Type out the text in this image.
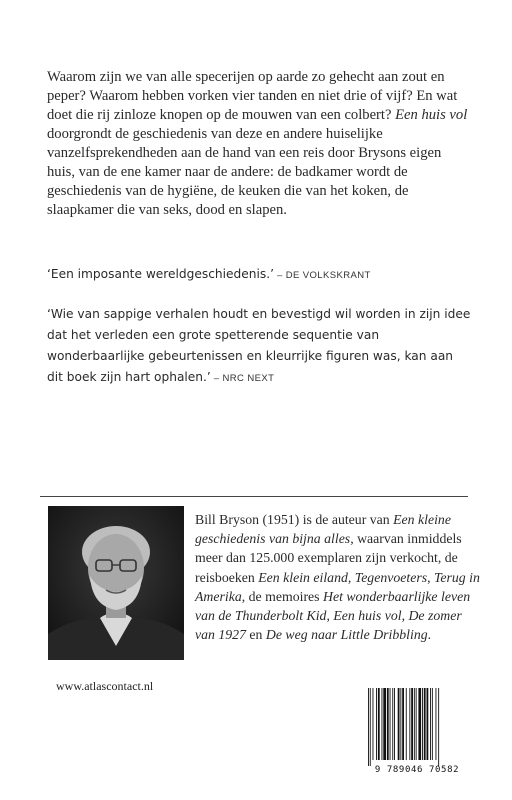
Waarom zijn we van alle specerijen op aarde zo gehecht aan zout en peper? Waarom hebben vorken vier tanden en niet drie of vijf? En wat doet die rij zinloze knopen op de mouwen van een colbert? Een huis vol doorgrondt de geschiedenis van deze en andere huiselijke vanzelfsprekendheden aan de hand van een reis door Brysons eigen huis, van de ene kamer naar de andere: de badkamer wordt de geschiedenis van de hygiëne, de keuken die van het koken, de slaapkamer die van seks, dood en slapen.

‘Een imposante wereldgeschiedenis.’ – DE VOLKSKRANT
‘Wie van sappige verhalen houdt en bevestigd wil worden in zijn idee dat het verleden een grote spetterende sequentie van wonderbaarlijke gebeurtenissen en kleurrijke figuren was, kan aan dit boek zijn hart ophalen.’ – NRC NEXT

Bill Bryson (1951) is de auteur van Een kleine geschiedenis van bijna alles, waarvan inmiddels meer dan 125.000 exemplaren zijn verkocht, de reisboeken Een klein eiland, Tegenvoeters, Terug in Amerika, de memoires Het wonderbaarlijke leven van de Thunderbolt Kid, Een huis vol, De zomer van 1927 en De weg naar Little Dribbling.

www.atlascontact.nl
9 789046 70582
